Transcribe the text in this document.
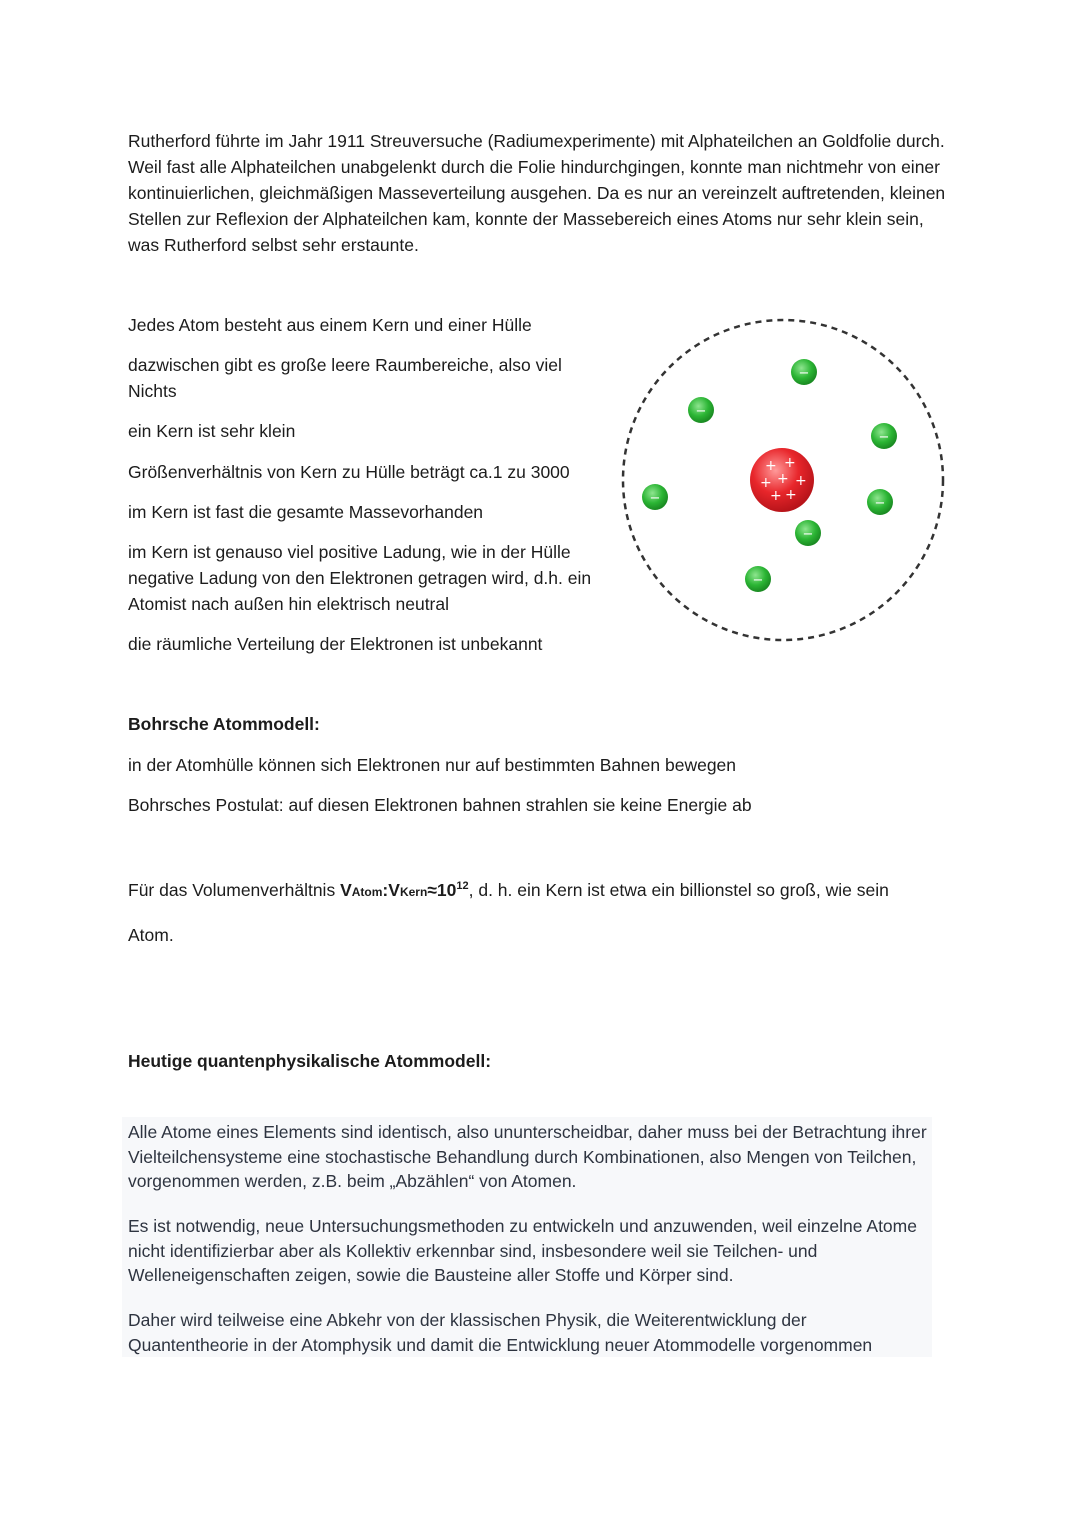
Rutherford führte im Jahr 1911 Streuversuche (Radiumexperimente) mit Alphateilchen an Goldfolie durch. Weil fast alle Alphateilchen unabgelenkt durch die Folie hindurchgingen, konnte man nichtmehr von einer kontinuierlichen, gleichmäßigen Masseverteilung ausgehen. Da es nur an vereinzelt auftretenden, kleinen Stellen zur Reflexion der Alphateilchen kam, konnte der Massebereich eines Atoms nur sehr klein sein, was Rutherford selbst sehr erstaunte.

Jedes Atom besteht aus einem Kern und einer Hülle

dazwischen gibt es große leere Raumbereiche, also viel Nichts

ein Kern ist sehr klein

Größenverhältnis von Kern zu Hülle beträgt ca.1 zu 3000

im Kern ist fast die gesamte Massevorhanden

im Kern ist genauso viel positive Ladung, wie in der Hülle negative Ladung von den Elektronen getragen wird, d.h. ein Atomist nach außen hin elektrisch neutral

die räumliche Verteilung der Elektronen ist unbekannt

+ +
+ +
+
+
+
−
−
−
−	−
−
−

Bohrsche Atommodell:

in der Atomhülle können sich Elektronen nur auf bestimmten Bahnen bewegen

Bohrsches Postulat: auf diesen Elektronen bahnen strahlen sie keine Energie ab

Für das Volumenverhältnis $VAtom:VKern\approx 10^{12}$, d. h. ein Kern ist etwa ein billionstel so groß, wie sein

Atom.

Heutige quantenphysikalische Atommodell:

Alle Atome eines Elements sind identisch, also ununterscheidbar, daher muss bei der Betrachtung ihrer Vielteilchensysteme eine stochastische Behandlung durch Kombinationen, also Mengen von Teilchen, vorgenommen werden, z.B. beim „Abzählen“ von Atomen.

Es ist notwendig, neue Untersuchungsmethoden zu entwickeln und anzuwenden, weil einzelne Atome nicht identifizierbar aber als Kollektiv erkennbar sind, insbesondere weil sie Teilchen- und Welleneigenschaften zeigen, sowie die Bausteine aller Stoffe und Körper sind.

Daher wird teilweise eine Abkehr von der klassischen Physik, die Weiterentwicklung der Quantentheorie in der Atomphysik und damit die Entwicklung neuer Atommodelle vorgenommen
